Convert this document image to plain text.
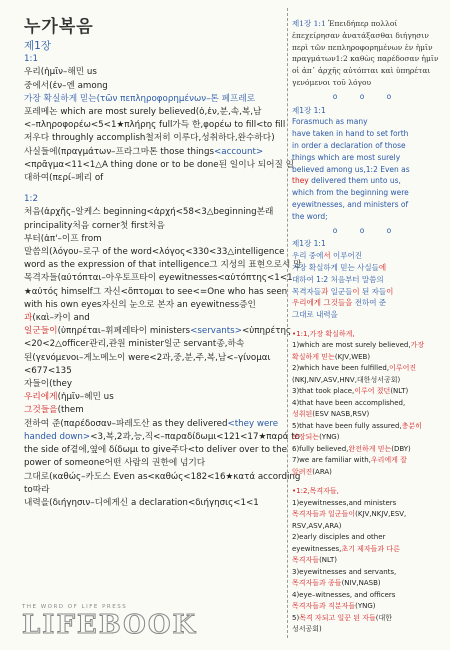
누가복음
제1장
1:1
우리(ἡμῖν–해민 us
중에서(ἐν–엔 among
가장 확실하게 믿는(τῶν πεπληροφορημένων–톤 페프레로
포레메논 which are most surely believed(ὁ,ἐν,분,속,복,남
<–πληροφορέω<5<1★πλήρης full가득 한,φορέω to fill<to fill
저우다 throughly accomplish철저히 이루다,성취하다,완수하다)
사실들에(πραγμάτων–프라그마톤 those things<account>
<πρᾶγμα<11<1△A thing done or to be done된 일이나 되어질 일
대하여(περί–페리 of
1:2
처음(ἀρχῆς–알케스 beginning<ἀρχή<58<3△beginning본래
principality처음 corner첫 first처음
부터(ἀπ'–이프 from
말씀의(λόγου–로구 of the word<λόγος<330<33△intelligence
word as the expression of that intelligence그 지성의 표현으로서 말
목격자들(αὐτόπται–아우토프타이 eyewitnesses<αὐτόπτης<1<1
★αὐτός himself그 자신<ὄπτομαι to see<=One who has seen
with his own eyes자신의 눈으로 본자 an eyewitness증인
과(καὶ–카이 and
일군들이(ὑπηρέται–휘페레타이 ministers<servants><ὑπηρέτης
<20<2△officer관리,관원 minister일군 servant종,하속
된(γενόμενοι–게노메노이 were<2과,중,분,주,복,남<–γίνομαι
<677<135
자들이(they
우리에게(ἡμῖν–헤민 us
그것들을(them
전하여 준(παρέδοσαν–파레도산 as they delivered<they were
handed down><3,복,2과,능,직<–παραδίδωμι<121<17★παρά to
the side of곁에,옆에 δίδωμι to give주다<to deliver over to the
power of someone어떤 사람의 권한에 넘기다
그대로(καθώς–카도스 Even as<καθώς<182<16★κατά according
to따라
내력을(διήγησιν–디에게신 a declaration<διήγησις<1<1
제1장 1:1 Ἐπειδήπερ πολλοί
ἐπεχείρησαν ἀνατάξασθαι διήγησιν
περὶ τῶν πεπληροφορημένων ἐν ἡμῖν
πραγμάτων1:2 καθὼς παρέδοσαν ἡμῖν
οἱ ἀπ᾽ ἀρχῆς αὐτόπται καὶ ὑπηρέται
γενόμενοι τοῦ λόγου
o o o
제1장 1:1
Forasmuch as many
have taken in hand to set forth
in order a declaration of those
things which are most surely
believed among us,1:2 Even as
they delivered them unto us,
which from the beginning were
eyewitnesses, and ministers of
the word;
o o o
제1장 1:1
우리 중에서 이루어진
가장 확실하게 믿는 사실들에
대하여 1:2 처음부터 말씀의
목격자들과 일군들이 된 자들이
우리에게 그것들을 전하여 준
그대로 내력을
•1:1,가장 확실하게,
1)which are most surely believed,가장
확실하게 믿는(KJV,WEB)
2)which have been fulfilled,이루어진
(NKJ,NIV,ASV,HNV,대한성서공회)
3)that took place,이루어 졌던(NLT)
4)that have been accomplished,
성취된(ESV NASB,RSV)
5)that have been fully assured,충분히
보장되는(YNG)
6)fully believed,완전하게 믿는(DBY)
7)we are familiar with,우리에게 잘
알려진(ARA)
•1:2,목격자들,
1)eyewitnesses,and ministers
목격자들과 일군들이(KJV,NKJV,ESV,
RSV,ASV,ARA)
2)early disciples and other
eyewitnesses,초기 제자들과 다른
목격자들(NLT)
3)eyewitnesses and servants,
목격자들과 종들(NIV,NASB)
4)eye–witnesses, and officers
목격자들과 직분자들(YNG)
5)목격 자되고 일꾼 된 자들(대한
성서공회)
THE WORD OF LIFE PRESS
LIFEBOOK
